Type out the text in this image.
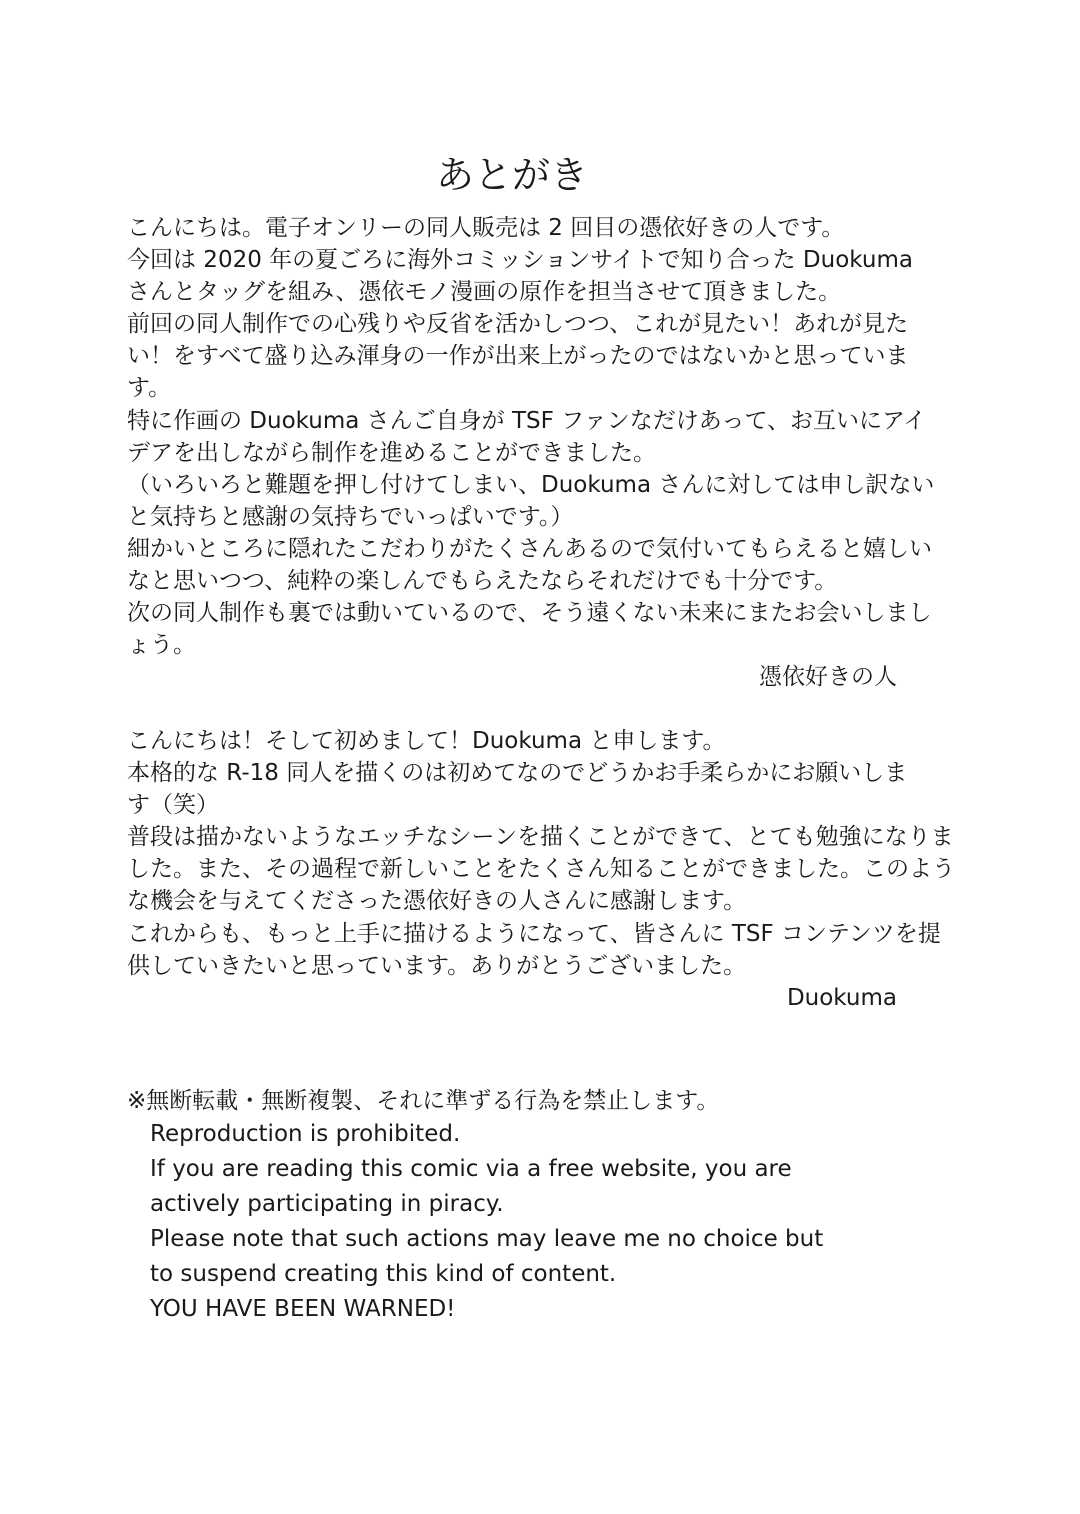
あとがき
こんにちは。電子オンリーの同人販売は 2 回目の憑依好きの人です。
今回は 2020 年の夏ごろに海外コミッションサイトで知り合った Duokuma
さんとタッグを組み、憑依モノ漫画の原作を担当させて頂きました。
前回の同人制作での心残りや反省を活かしつつ、これが見たい！あれが見た
い！をすべて盛り込み渾身の一作が出来上がったのではないかと思っていま
す。
特に作画の Duokuma さんご自身が TSF ファンなだけあって、お互いにアイ
デアを出しながら制作を進めることができました。
（いろいろと難題を押し付けてしまい、Duokuma さんに対しては申し訳ない
と気持ちと感謝の気持ちでいっぱいです。）
細かいところに隠れたこだわりがたくさんあるので気付いてもらえると嬉しい
なと思いつつ、純粋の楽しんでもらえたならそれだけでも十分です。
次の同人制作も裏では動いているので、そう遠くない未来にまたお会いしまし
ょう。
憑依好きの人
こんにちは！そして初めまして！Duokuma と申します。
本格的な R-18 同人を描くのは初めてなのでどうかお手柔らかにお願いしま
す（笑）
普段は描かないようなエッチなシーンを描くことができて、とても勉強になりま
した。また、その過程で新しいことをたくさん知ることができました。このよう
な機会を与えてくださった憑依好きの人さんに感謝します。
これからも、もっと上手に描けるようになって、皆さんに TSF コンテンツを提
供していきたいと思っています。ありがとうございました。
Duokuma
※無断転載・無断複製、それに準ずる行為を禁止します。
Reproduction is prohibited.
If you are reading this comic via a free website, you are
actively participating in piracy.
Please note that such actions may leave me no choice but
to suspend creating this kind of content.
YOU HAVE BEEN WARNED!
